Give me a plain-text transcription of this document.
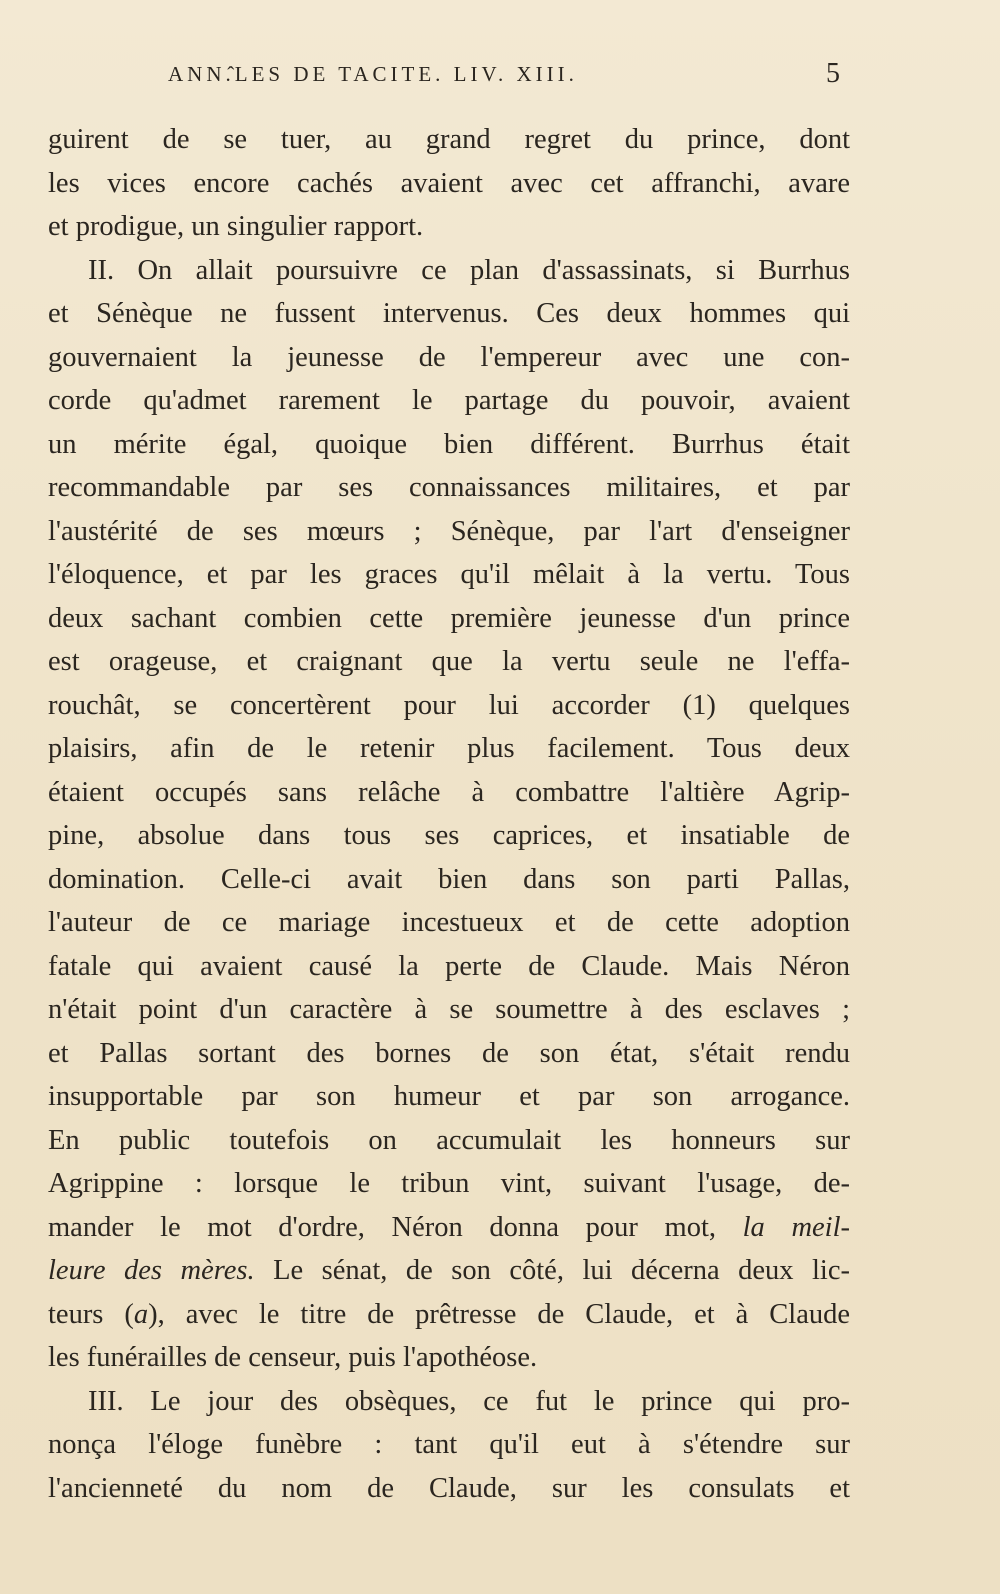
ANN.̂LES DE TACITE. LIV. XIII.	5
guirent de se tuer, au grand regret du prince, dont
les vices encore cachés avaient avec cet affranchi, avare
et prodigue, un singulier rapport.
II. On allait poursuivre ce plan d'assassinats, si Burrhus
et Sénèque ne fussent intervenus. Ces deux hommes qui
gouvernaient la jeunesse de l'empereur avec une con-
corde qu'admet rarement le partage du pouvoir, avaient
un mérite égal, quoique bien différent. Burrhus était
recommandable par ses connaissances militaires, et par
l'austérité de ses mœurs ; Sénèque, par l'art d'enseigner
l'éloquence, et par les graces qu'il mêlait à la vertu. Tous
deux sachant combien cette première jeunesse d'un prince
est orageuse, et craignant que la vertu seule ne l'effa-
rouchât, se concertèrent pour lui accorder (1) quelques
plaisirs, afin de le retenir plus facilement. Tous deux
étaient occupés sans relâche à combattre l'altière Agrip-
pine, absolue dans tous ses caprices, et insatiable de
domination. Celle-ci avait bien dans son parti Pallas,
l'auteur de ce mariage incestueux et de cette adoption
fatale qui avaient causé la perte de Claude. Mais Néron
n'était point d'un caractère à se soumettre à des esclaves ;
et Pallas sortant des bornes de son état, s'était rendu
insupportable par son humeur et par son arrogance.
En public toutefois on accumulait les honneurs sur
Agrippine : lorsque le tribun vint, suivant l'usage, de-
mander le mot d'ordre, Néron donna pour mot, la meil-
leure des mères. Le sénat, de son côté, lui décerna deux lic-
teurs (a), avec le titre de prêtresse de Claude, et à Claude
les funérailles de censeur, puis l'apothéose.
III. Le jour des obsèques, ce fut le prince qui pro-
nonça l'éloge funèbre : tant qu'il eut à s'étendre sur
l'ancienneté du nom de Claude, sur les consulats et
